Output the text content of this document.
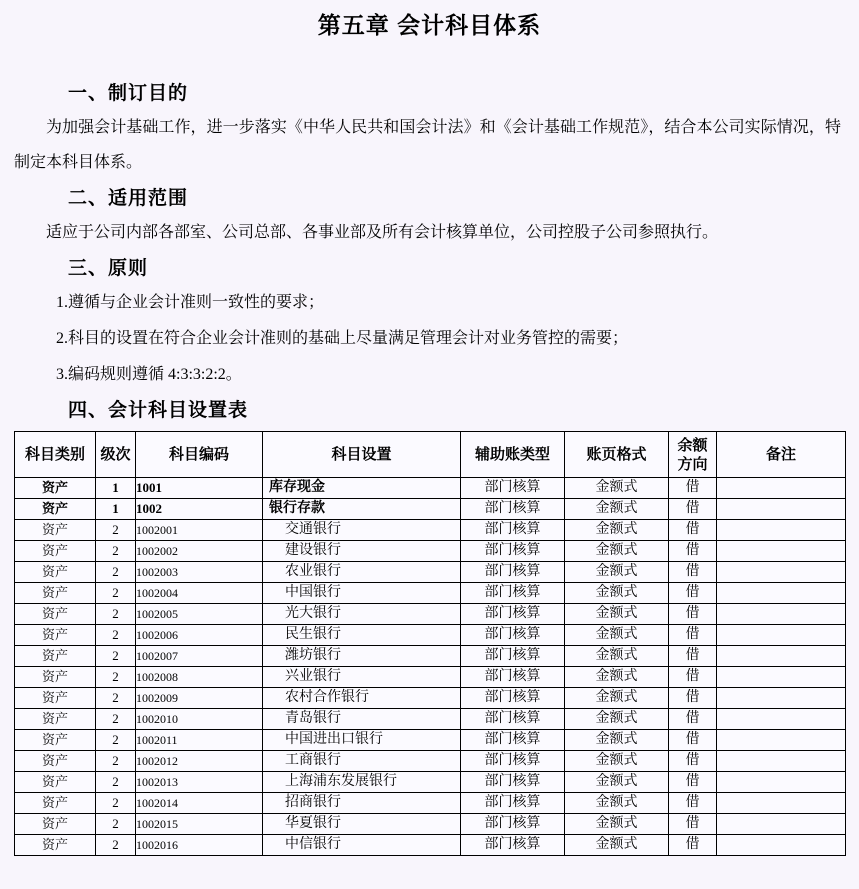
第五章 会计科目体系
一、制订目的

为加强会计基础工作，进一步落实《中华人民共和国会计法》和《会计基础工作规范》，结合本公司实际情况，特制定本科目体系。

二、适用范围

适应于公司内部各部室、公司总部、各事业部及所有会计核算单位，公司控股子公司参照执行。

三、原则

1.遵循与企业会计准则一致性的要求；

2.科目的设置在符合企业会计准则的基础上尽量满足管理会计对业务管控的需要；

3.编码规则遵循 4:3:3:2:2。

四、会计科目设置表
科目类别	级次	科目编码	科目设置	辅助账类型	账页格式	余额方向	备注
资产	1	1001	库存现金	部门核算	金额式	借	
资产	1	1002	银行存款	部门核算	金额式	借	
资产	2	1002001	交通银行	部门核算	金额式	借	
资产	2	1002002	建设银行	部门核算	金额式	借	
资产	2	1002003	农业银行	部门核算	金额式	借	
资产	2	1002004	中国银行	部门核算	金额式	借	
资产	2	1002005	光大银行	部门核算	金额式	借	
资产	2	1002006	民生银行	部门核算	金额式	借	
资产	2	1002007	潍坊银行	部门核算	金额式	借	
资产	2	1002008	兴业银行	部门核算	金额式	借	
资产	2	1002009	农村合作银行	部门核算	金额式	借	
资产	2	1002010	青岛银行	部门核算	金额式	借	
资产	2	1002011	中国进出口银行	部门核算	金额式	借	
资产	2	1002012	工商银行	部门核算	金额式	借	
资产	2	1002013	上海浦东发展银行	部门核算	金额式	借	
资产	2	1002014	招商银行	部门核算	金额式	借	
资产	2	1002015	华夏银行	部门核算	金额式	借	
资产	2	1002016	中信银行	部门核算	金额式	借	
